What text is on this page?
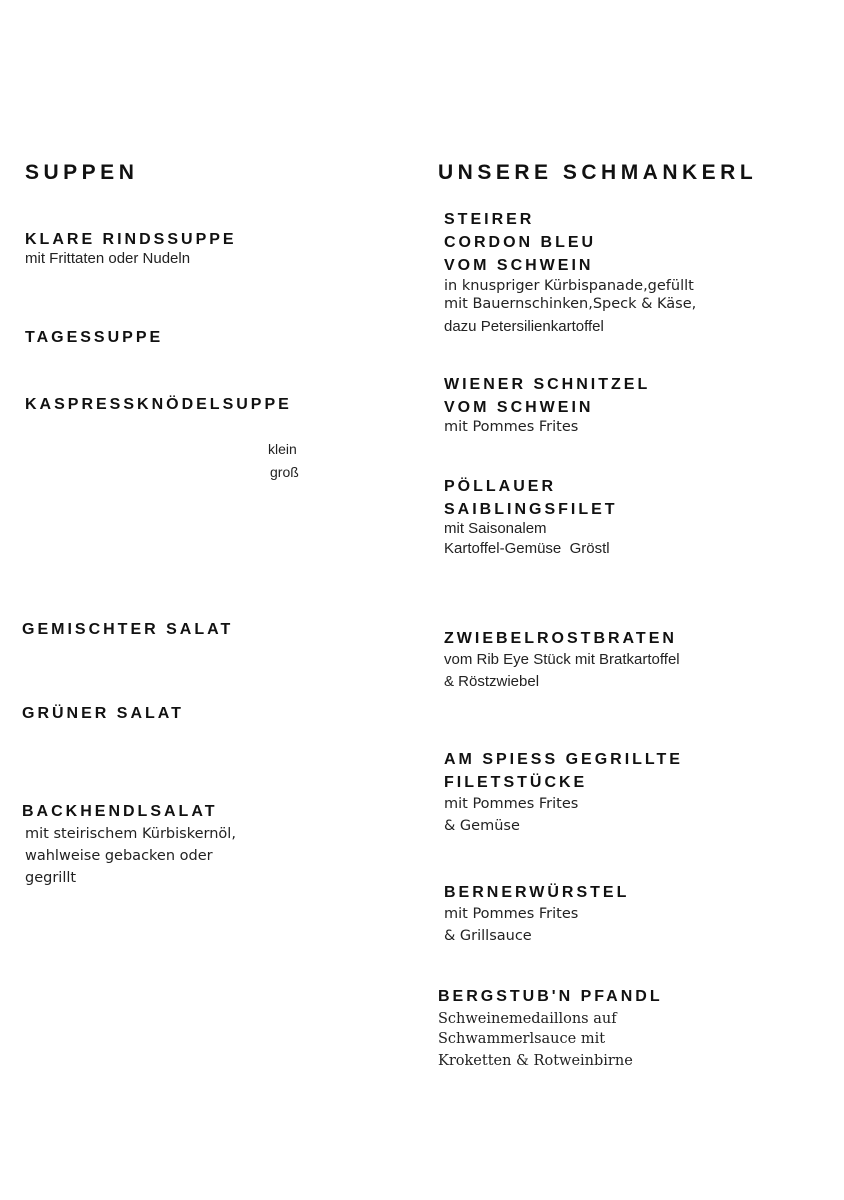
SUPPEN
KLARE RINDSSUPPE
mit Frittaten oder Nudeln
TAGESSUPPE
KASPRESSKNÖDELSUPPE
klein
groß
GEMISCHTER SALAT
GRÜNER SALAT
BACKHENDLSALAT
mit steirischem Kürbiskernöl,
wahlweise gebacken oder
gegrillt
UNSERE SCHMANKERL
STEIRER
CORDON BLEU
VOM SCHWEIN
in knuspriger Kürbispanade,gefüllt
mit Bauernschinken,Speck & Käse,
dazu Petersilienkartoffel
WIENER SCHNITZEL
VOM SCHWEIN
mit Pommes Frites
PÖLLAUER
SAIBLINGSFILET
mit Saisonalem
Kartoffel-Gemüse  Gröstl
ZWIEBELROSTBRATEN
vom Rib Eye Stück mit Bratkartoffel
& Röstzwiebel
AM SPIESS GEGRILLTE
FILETSTÜCKE
mit Pommes Frites
& Gemüse
BERNERWÜRSTEL
mit Pommes Frites
& Grillsauce
BERGSTUB'N PFANDL
Schweinemedaillons auf
Schwammerlsauce mit
Kroketten & Rotweinbirne
